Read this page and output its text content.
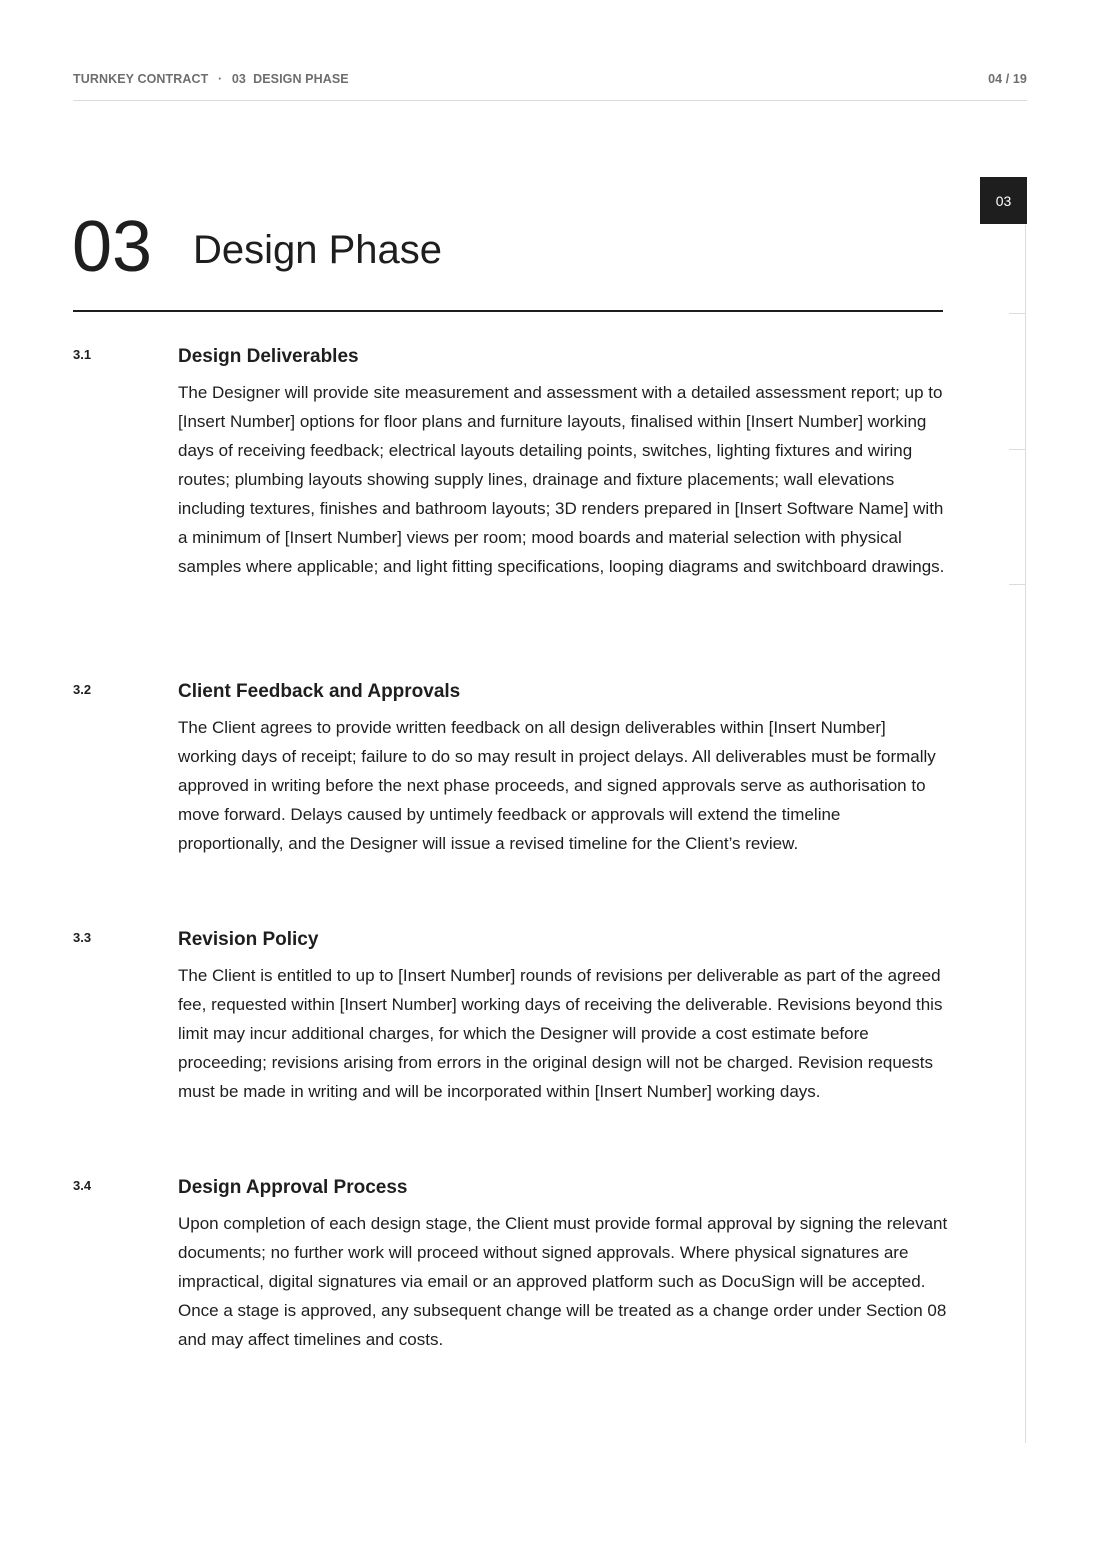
TURNKEY CONTRACT · 03  DESIGN PHASE	04 / 19
03
03 Design Phase
3.1	Design Deliverables

The Designer will provide site measurement and assessment with a detailed assessment report; up to [Insert Number] options for floor plans and furniture layouts, finalised within [Insert Number] working days of receiving feedback; electrical layouts detailing points, switches, lighting fixtures and wiring routes; plumbing layouts showing supply lines, drainage and fixture placements; wall elevations including textures, finishes and bathroom layouts; 3D renders prepared in [Insert Software Name] with a minimum of [Insert Number] views per room; mood boards and material selection with physical samples where applicable; and light fitting specifications, looping diagrams and switchboard drawings.

3.2	Client Feedback and Approvals

The Client agrees to provide written feedback on all design deliverables within [Insert Number] working days of receipt; failure to do so may result in project delays. All deliverables must be formally approved in writing before the next phase proceeds, and signed approvals serve as authorisation to move forward. Delays caused by untimely feedback or approvals will extend the timeline proportionally, and the Designer will issue a revised timeline for the Client’s review.

3.3	Revision Policy

The Client is entitled to up to [Insert Number] rounds of revisions per deliverable as part of the agreed fee, requested within [Insert Number] working days of receiving the deliverable. Revisions beyond this limit may incur additional charges, for which the Designer will provide a cost estimate before proceeding; revisions arising from errors in the original design will not be charged. Revision requests must be made in writing and will be incorporated within [Insert Number] working days.

3.4	Design Approval Process

Upon completion of each design stage, the Client must provide formal approval by signing the relevant documents; no further work will proceed without signed approvals. Where physical signatures are impractical, digital signatures via email or an approved platform such as DocuSign will be accepted. Once a stage is approved, any subsequent change will be treated as a change order under Section 08 and may affect timelines and costs.
